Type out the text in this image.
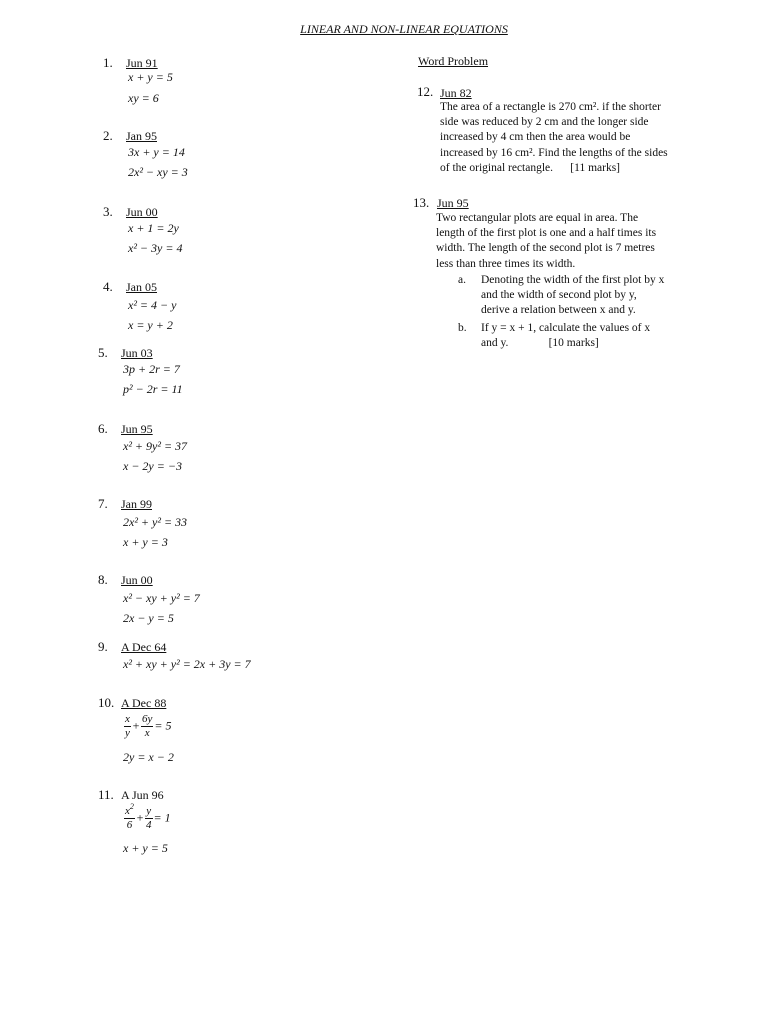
LINEAR AND NON-LINEAR EQUATIONS
1. Jun 91
x + y = 5
xy = 6
2. Jan 95
3x + y = 14
2x² − xy = 3
3. Jun 00
x + 1 = 2y
x² − 3y = 4
4. Jan 05
x² = 4 − y
x = y + 2
5. Jun 03
3p + 2r = 7
p² − 2r = 11
6. Jun 95
x² + 9y² = 37
x − 2y = −3
7. Jan 99
2x² + y² = 33
x + y = 3
8. Jun 00
x² − xy + y² = 7
2x − y = 5
9. A Dec 64
x² + xy + y² = 2x + 3y = 7
10. A Dec 88
$\frac{x}{y} + \frac{6y}{x} = 5$
2y = x − 2
11. A Jun 96
$\frac{x^2}{6} + \frac{y}{4} = 1$
x + y = 5
Word Problem
12. Jun 82
The area of a rectangle is 270 cm². if the shorter
side was reduced by 2 cm and the longer side
increased by 4 cm then the area would be
increased by 16 cm². Find the lengths of the sides
of the original rectangle.      [11 marks]
13. Jun 95
Two rectangular plots are equal in area. The
length of the first plot is one and a half times its
width. The length of the second plot is 7 metres
less than three times its width.
a. Denoting the width of the first plot by x
and the width of second plot by y,
derive a relation between x and y.
b. If y = x + 1, calculate the values of x
and y.              [10 marks]
